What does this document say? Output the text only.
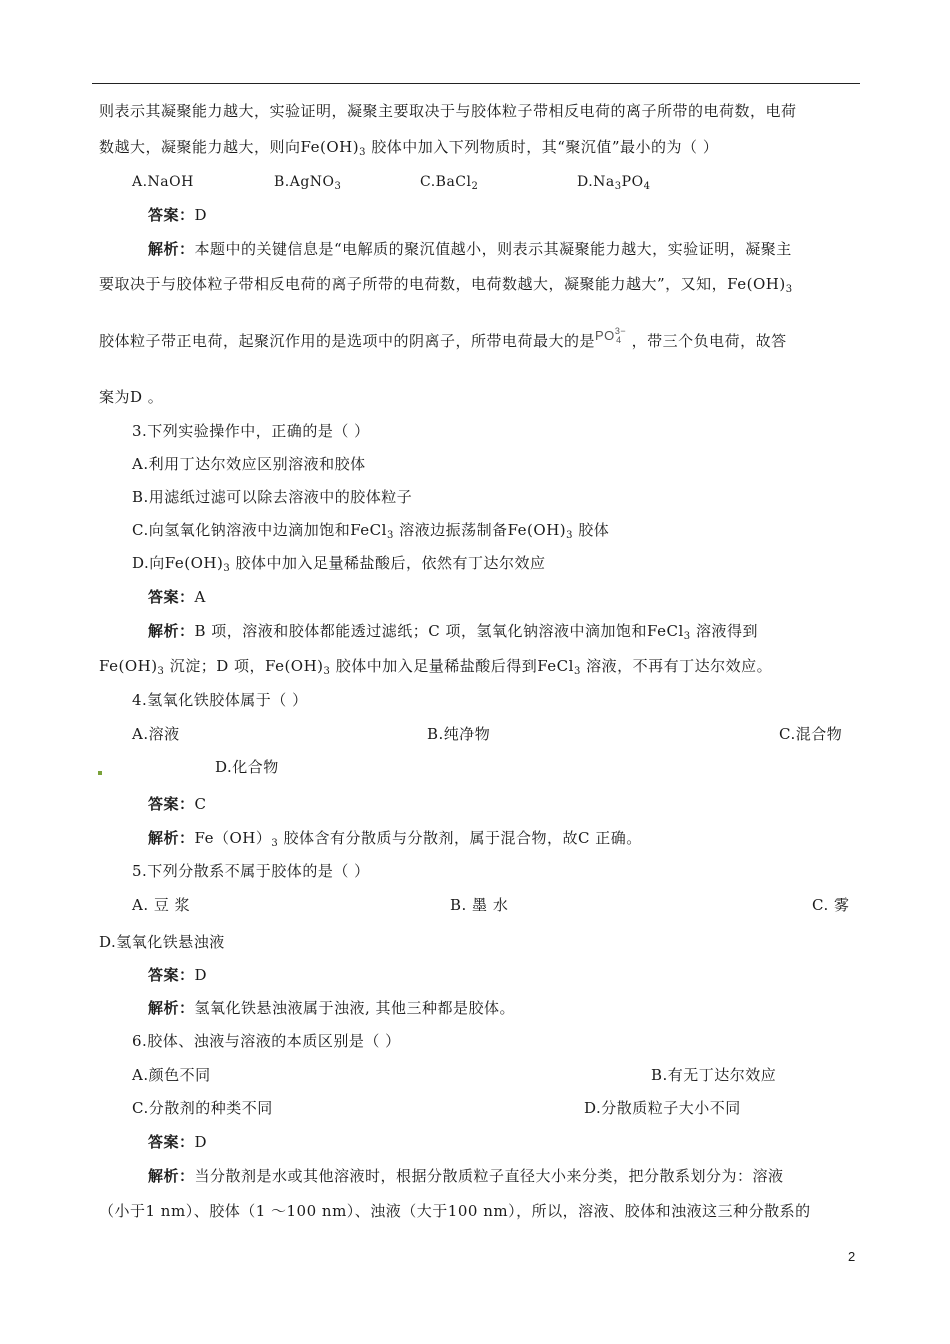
则表示其凝聚能力越大，实验证明，凝聚主要取决于与胶体粒子带相反电荷的离子所带的电荷数，电荷
数越大，凝聚能力越大，则向$Fe(OH)_3$ 胶体中加入下列物质时，其“聚沉值”最小的为（ ）
A.NaOH	B.AgNO$_3$	C.BaCl$_2$	$D.Na_3PO_4$
答案：D
解析：本题中的关键信息是“电解质的聚沉值越小，则表示其凝聚能力越大，实验证明，凝聚主
要取决于与胶体粒子带相反电荷的离子所带的电荷数，电荷数越大，凝聚能力越大”，又知，$Fe(OH)_3$
胶体粒子带正电荷，起聚沉作用的是选项中的阴离子，所带电荷最大的是$PO^{3-}_4$ ，带三个负电荷，故答
案为D 。
3.下列实验操作中，正确的是（ ）
A.利用丁达尔效应区别溶液和胶体
B.用滤纸过滤可以除去溶液中的胶体粒子
C.向氢氧化钠溶液中边滴加饱和FeCl$_3$ 溶液边振荡制备$Fe(OH)_3$ 胶体
D.向$Fe(OH)_3$ 胶体中加入足量稀盐酸后，依然有丁达尔效应
答案：A
解析：B 项，溶液和胶体都能透过滤纸；C 项，氢氧化钠溶液中滴加饱和FeCl$_3$ 溶液得到
$Fe(OH)_3$ 沉淀；D 项，$Fe(OH)_3$ 胶体中加入足量稀盐酸后得到FeCl$_3$ 溶液，不再有丁达尔效应。
4.氢氧化铁胶体属于（ ）
A.溶液	B.纯净物	C.混合物
D.化合物
答案：C
解析：$Fe(OH)_3$ 胶体含有分散质与分散剂，属于混合物，故C 正确。
5.下列分散系不属于胶体的是（ ）
A. 豆 浆	B. 墨 水	C. 雾
D.氢氧化铁悬浊液
答案：D
解析：氢氧化铁悬浊液属于浊液, 其他三种都是胶体。
6.胶体、浊液与溶液的本质区别是（ ）
A.颜色不同	B.有无丁达尔效应
C.分散剂的种类不同	D.分散质粒子大小不同
答案：D
解析：当分散剂是水或其他溶液时，根据分散质粒子直径大小来分类，把分散系划分为：溶液
（小于1 nm）、胶体（1 ～100 nm）、浊液（大于100 nm），所以，溶液、胶体和浊液这三种分散系的
2
